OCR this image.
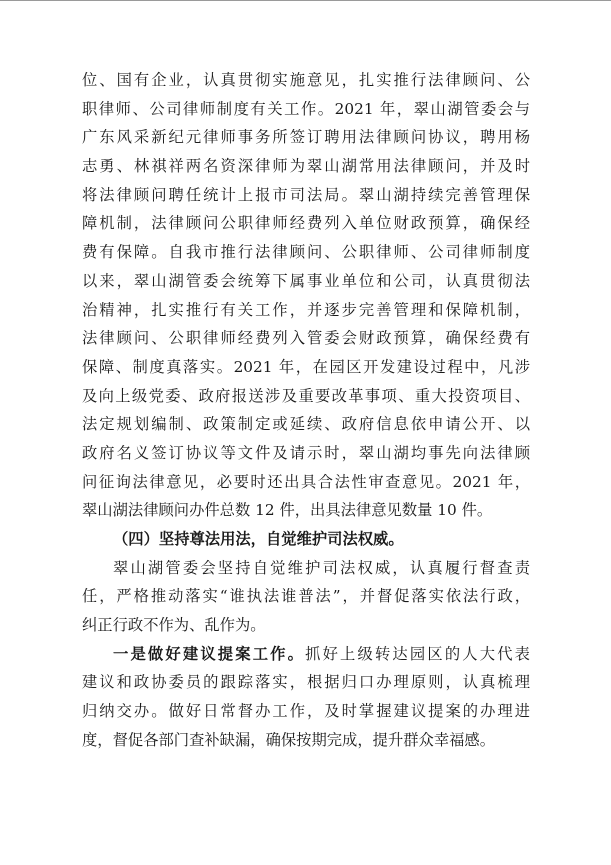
位、国有企业，认真贯彻实施意见，扎实推行法律顾问、公
职律师、公司律师制度有关工作。2021 年，翠山湖管委会与
广东风采新纪元律师事务所签订聘用法律顾问协议，聘用杨
志勇、林祺祥两名资深律师为翠山湖常用法律顾问，并及时
将法律顾问聘任统计上报市司法局。翠山湖持续完善管理保
障机制，法律顾问公职律师经费列入单位财政预算，确保经
费有保障。自我市推行法律顾问、公职律师、公司律师制度
以来，翠山湖管委会统筹下属事业单位和公司，认真贯彻法
治精神，扎实推行有关工作，并逐步完善管理和保障机制，
法律顾问、公职律师经费列入管委会财政预算，确保经费有
保障、制度真落实。2021 年，在园区开发建设过程中，凡涉
及向上级党委、政府报送涉及重要改革事项、重大投资项目、
法定规划编制、政策制定或延续、政府信息依申请公开、以
政府名义签订协议等文件及请示时，翠山湖均事先向法律顾
问征询法律意见，必要时还出具合法性审查意见。2021 年，
翠山湖法律顾问办件总数 12 件，出具法律意见数量 10 件。
（四）坚持尊法用法，自觉维护司法权威。
翠山湖管委会坚持自觉维护司法权威，认真履行督查责
任，严格推动落实“谁执法谁普法”，并督促落实依法行政，
纠正行政不作为、乱作为。
一是做好建议提案工作。抓好上级转达园区的人大代表
建议和政协委员的跟踪落实，根据归口办理原则，认真梳理
归纳交办。做好日常督办工作，及时掌握建议提案的办理进
度，督促各部门查补缺漏，确保按期完成，提升群众幸福感。
